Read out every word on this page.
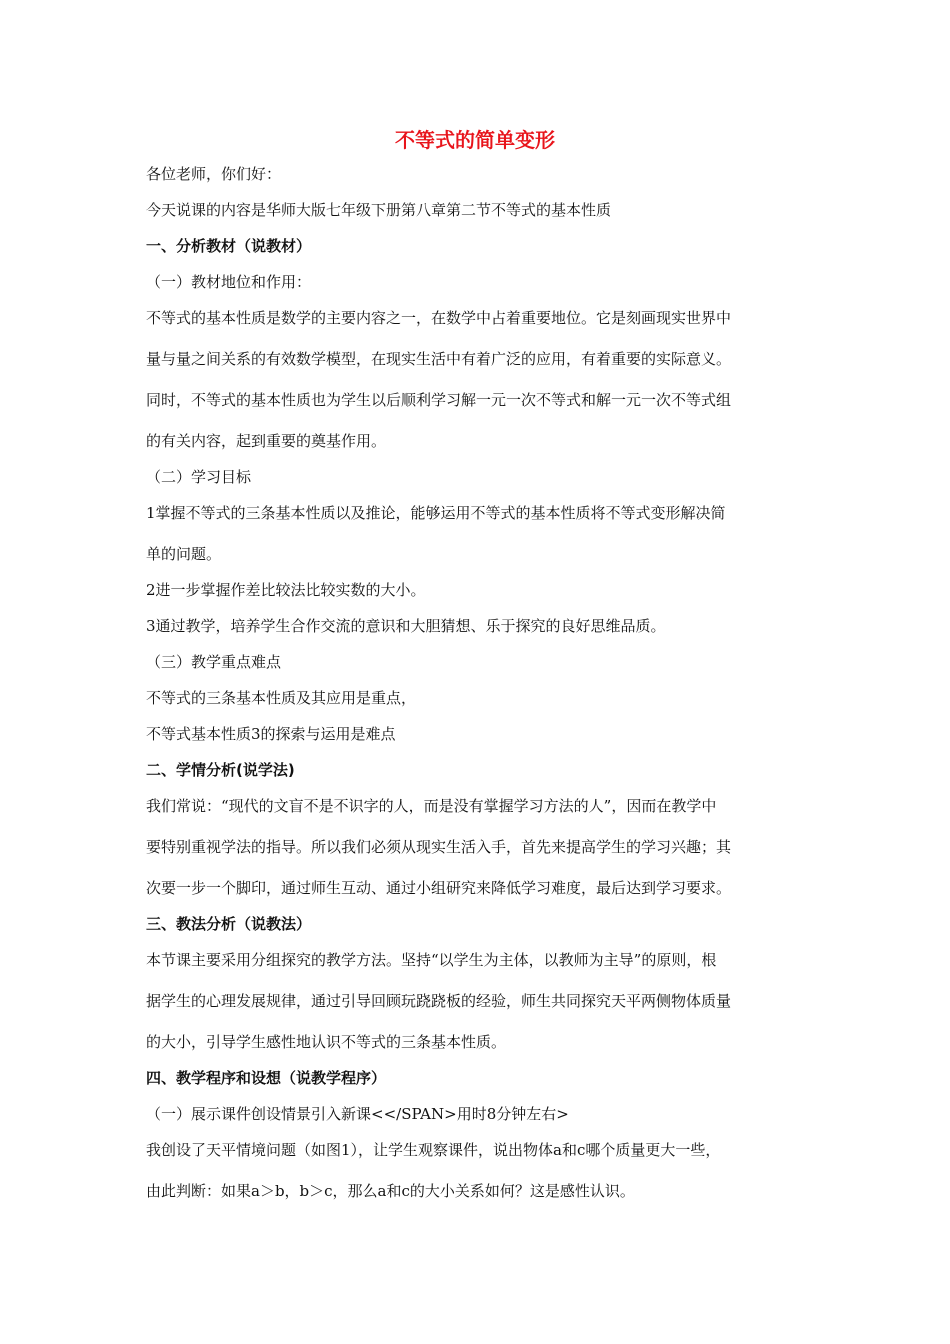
不等式的简单变形
各位老师，你们好：
今天说课的内容是华师大版七年级下册第八章第二节不等式的基本性质
一、分析教材（说教材）
（一）教材地位和作用：
不等式的基本性质是数学的主要内容之一，在数学中占着重要地位。它是刻画现实世界中
量与量之间关系的有效数学模型，在现实生活中有着广泛的应用，有着重要的实际意义。
同时，不等式的基本性质也为学生以后顺利学习解一元一次不等式和解一元一次不等式组
的有关内容，起到重要的奠基作用。
（二）学习目标
1掌握不等式的三条基本性质以及推论，能够运用不等式的基本性质将不等式变形解决简
单的问题。
2进一步掌握作差比较法比较实数的大小。
3通过教学，培养学生合作交流的意识和大胆猜想、乐于探究的良好思维品质。
（三）教学重点难点
不等式的三条基本性质及其应用是重点，
不等式基本性质3的探索与运用是难点
二、学情分析(说学法)
我们常说：“现代的文盲不是不识字的人，而是没有掌握学习方法的人”，因而在教学中
要特别重视学法的指导。所以我们必须从现实生活入手，首先来提高学生的学习兴趣；其
次要一步一个脚印，通过师生互动、通过小组研究来降低学习难度，最后达到学习要求。
三、教法分析（说教法）
本节课主要采用分组探究的教学方法。坚持“以学生为主体，以教师为主导”的原则，根
据学生的心理发展规律，通过引导回顾玩跷跷板的经验，师生共同探究天平两侧物体质量
的大小，引导学生感性地认识不等式的三条基本性质。
四、教学程序和设想（说教学程序）
（一）展示课件创设情景引入新课<</SPAN>用时8分钟左右>
我创设了天平情境问题（如图1），让学生观察课件，说出物体a和c哪个质量更大一些，
由此判断：如果a＞b，b＞c，那么a和c的大小关系如何？这是感性认识。
